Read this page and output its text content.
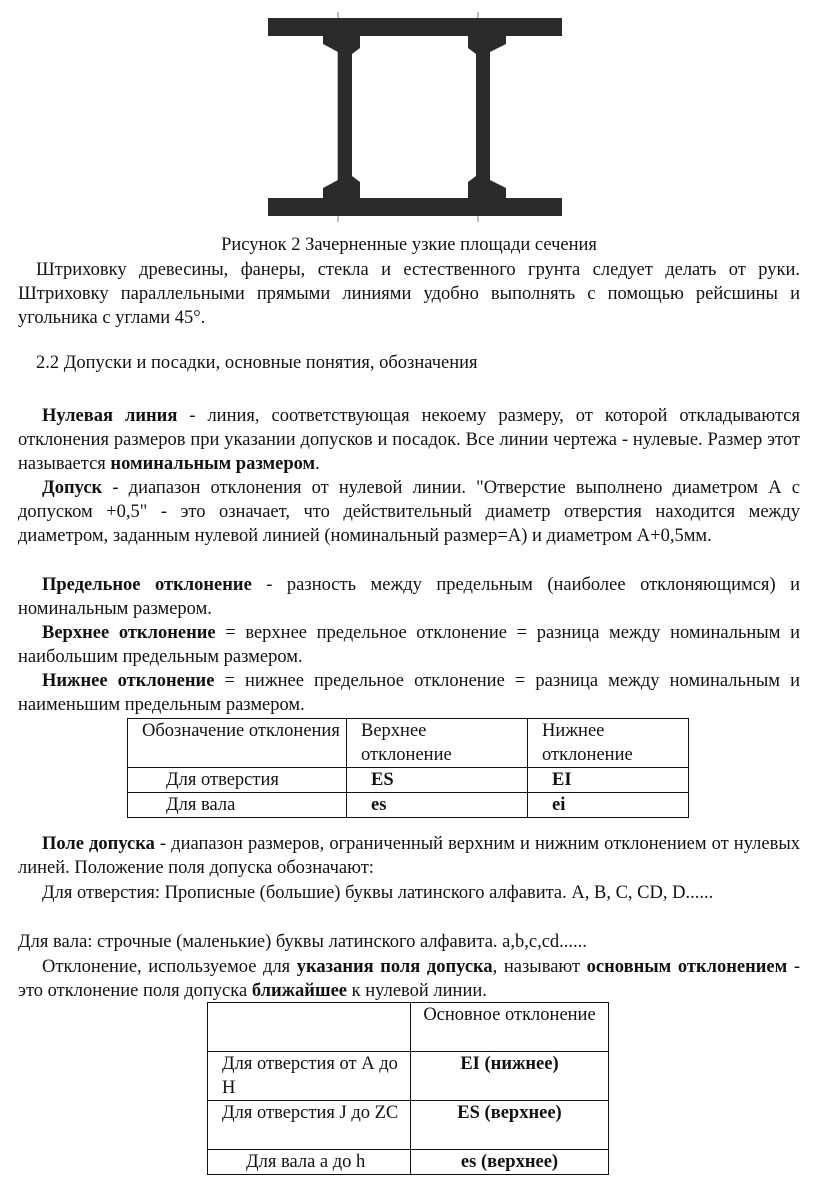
Рисунок 2 Зачерненные узкие площади сечения

Штриховку древесины, фанеры, стекла и естественного грунта следует делать от руки. Штриховку параллельными прямыми линиями удобно выполнять с помощью рейсшины и угольника с углами 45°.

2.2 Допуски и посадки, основные понятия, обозначения

Нулевая линия - линия, соответствующая некоему размеру, от которой откладываются отклонения размеров при указании допусков и посадок. Все линии чертежа - нулевые. Размер этот называется номинальным размером.

Допуск - диапазон отклонения от нулевой линии. "Отверстие выполнено диаметром А с допуском +0,5" - это означает, что действительный диаметр отверстия находится между диаметром, заданным нулевой линией (номинальный размер=А) и диаметром А+0,5мм.

Предельное отклонение - разность между предельным (наиболее отклоняющимся) и номинальным размером.

Верхнее отклонение = верхнее предельное отклонение = разница между номинальным и наибольшим предельным размером.

Нижнее отклонение = нижнее предельное отклонение = разница между номинальным и наименьшим предельным размером.

Обозначение отклонения	Верхнее отклонение	Нижнее отклонение
Для отверстия	ES	EI
Для вала	es	ei

Поле допуска - диапазон размеров, ограниченный верхним и нижним отклонением от нулевых линей. Положение поля допуска обозначают:

Для отверстия: Прописные (большие) буквы латинского алфавита. A, B, C, CD, D......

Для вала: строчные (маленькие) буквы латинского алфавита. a,b,c,cd......

Отклонение, используемое для указания поля допуска, называют основным отклонением - это отклонение поля допуска ближайшее к нулевой линии.

	Основное отклонение
Для отверстия от А до Н	EI (нижнее)
Для отверстия J до ZC	ES (верхнее)
Для вала a до h	es (верхнее)
